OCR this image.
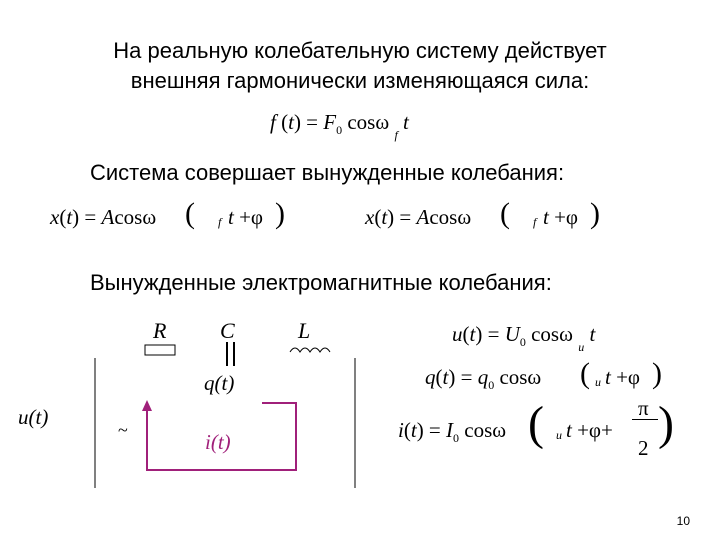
На реальную колебательную систему действует
внешняя гармонически изменяющаяся сила:
f $(t) = F_0$ cosω $_f$ t
Система совершает вынужденные колебания:
x(t) = Acosω ( f t +φ )	x(t) = Acosω ( f t +φ )
Вынужденные электромагнитные колебания:
R C	L
q(t)
i(t)
u(t)
~
$u(t) = U_0$ cosω $_u$ t
$q(t) = q_0$ cosω ( u t +φ )
$i(t) = I_0$ cosω ( u t +φ+
π
2 )
10
